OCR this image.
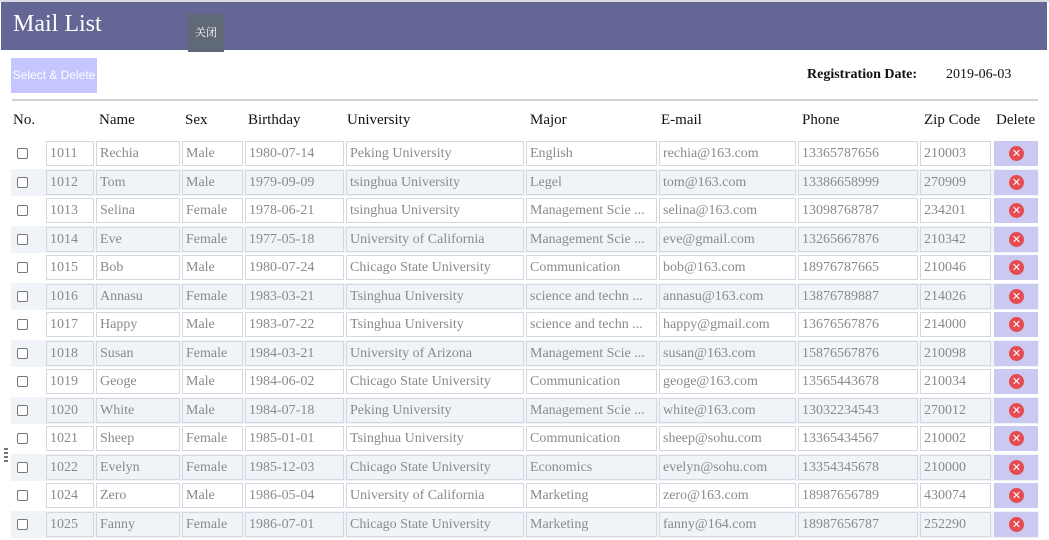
Mail List	关闭
Select & Delete	Registration Date: 2019-06-03
No.	Name	Sex	Birthday	University	Major	E-mail	Phone	Zip Code Delete
1011	Rechia	Male	1980-07-14	Peking University	English	rechia@163.com	13365787656	210003	✕
1012	Tom	Male	1979-09-09	tsinghua University	Legel	tom@163.com	13386658999	270909	✕
1013	Selina	Female	1978-06-21	tsinghua University	Management Scie ...	selina@163.com	13098768787	234201	✕
1014	Eve	Female	1977-05-18	University of California	Management Scie ...	eve@gmail.com	13265667876	210342	✕
1015	Bob	Male	1980-07-24	Chicago State University	Communication	bob@163.com	18976787665	210046	✕
1016	Annasu	Female	1983-03-21	Tsinghua University	science and techn ...	annasu@163.com	13876789887	214026	✕
1017	Happy	Male	1983-07-22	Tsinghua University	science and techn ...	happy@gmail.com	13676567876	214000	✕
1018	Susan	Female	1984-03-21	University of Arizona	Management Scie ...	susan@163.com	15876567876	210098	✕
1019	Geoge	Male	1984-06-02	Chicago State University	Communication	geoge@163.com	13565443678	210034	✕
1020	White	Male	1984-07-18	Peking University	Management Scie ...	white@163.com	13032234543	270012	✕
1021	Sheep	Female	1985-01-01	Tsinghua University	Communication	sheep@sohu.com	13365434567	210002	✕
1022	Evelyn	Female	1985-12-03	Chicago State University	Economics	evelyn@sohu.com	13354345678	210000	✕
1024	Zero	Male	1986-05-04	University of California	Marketing	zero@163.com	18987656789	430074	✕
1025	Fanny	Female	1986-07-01	Chicago State University	Marketing	fanny@164.com	18987656787	252290	✕
